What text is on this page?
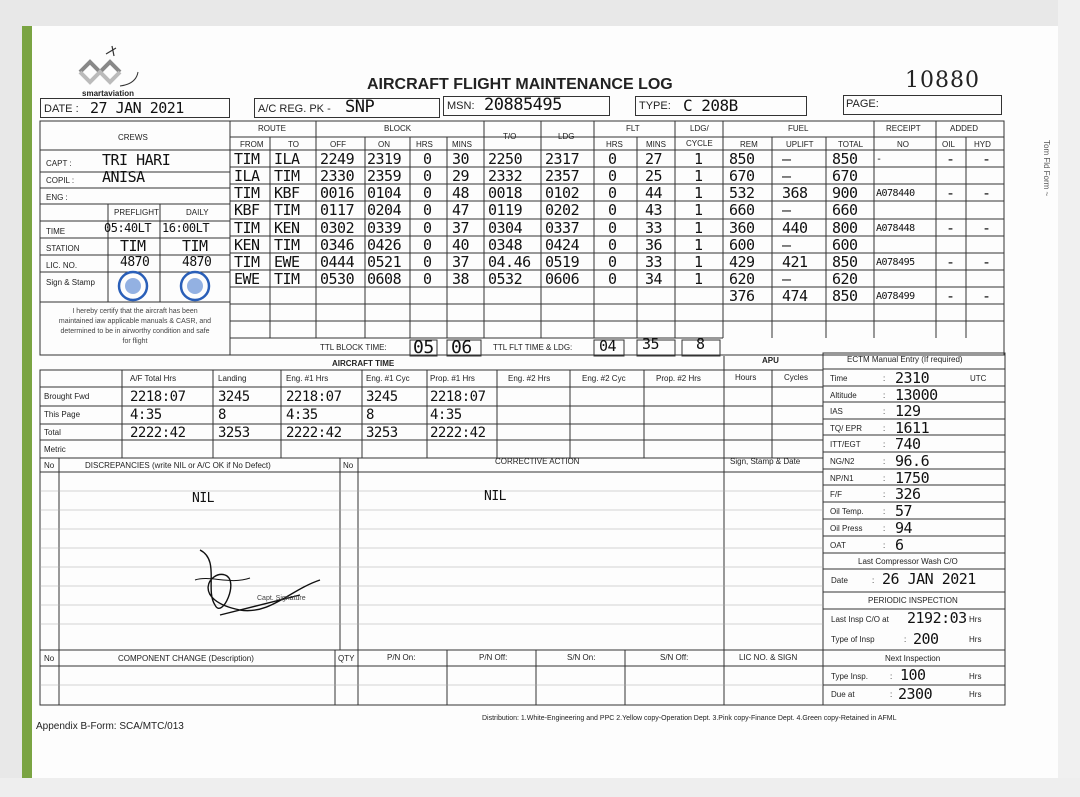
smartaviation
AIRCRAFT FLIGHT MAINTENANCE LOG	10880
Tom Fld Form ~
DATE : 27 JAN 2021	A/C REG. PK - SNP	MSN: 20885495	TYPE: C 208B	PAGE:
CREWS
ROUTE
FROM	TO
BLOCK
OFF	ON	HRS MINS
T/O	LDG
FLT
HRS	MINS
LDG/
CYCLE
FUEL
REM	UPLIFT	TOTAL
RECEIPT
NO
ADDED
OIL HYD
CAPT : TRI HARI
COPIL : ANISA
ENG :
PREFLIGHT	DAILY
TIME	05:40LT 16:00LT
STATION	TIM TIM
LIC. NO.	4870	4870
Sign & Stamp
I hereby certify that the aircraft has been
maintained iaw applicable manuals & CASR, and
determined to be in airworthy condition and safe
for flight
TIM ILA 2249 2319 0 30 2250 2317 0 27 1 850 —	850 -	- -
ILA TIM 2330 2359 0 29 2332 2357 0 25 1 670 —	670
TIM KBF 0016 0104 0 48 0018 0102 0 44 1 532 368 900 A078440 - -
KBF TIM 0117 0204 0 47 0119 0202 0 43 1 660 —	660
TIM KEN 0302 0339 0 37 0304 0337 0 33 1 360 440 800 A078448 - -
KEN TIM 0346 0426 0 40 0348 0424 0 36 1 600 —	600
TIM EWE 0444 0521 0 37 04.46 0519 0 33 1 429 421 850 A078495 - -
EWE TIM 0530 0608 0 38 0532 0606 0 34 1 620 —	620
376 474 850 A078499 - -
TTL BLOCK TIME: 05 06	TTL FLT TIME & LDG: 04 35 8
AIRCRAFT TIME	APU
Hours	Cycles
A/F Total Hrs	Landing	Eng. #1 Hrs	Eng. #1 Cyc	Prop. #1 Hrs	Eng. #2 Hrs	Eng. #2 Cyc	Prop. #2 Hrs
Brought Fwd	2218:07 3245	2218:07 3245 2218:07
This Page	4:35	8	4:35	8	4:35
Total	2222:42 3253	2222:42 3253 2222:42
Metric
ECTM Manual Entry (If required)
Time	: 2310	UTC
Altitude	: 13000
IAS	: 129
TQ/ EPR	: 1611
ITT/EGT	: 740
NG/N2	: 96.6
NP/N1	: 1750
F/F	: 326
Oil Temp. : 57
Oil Press	: 94
OAT	: 6
Last Compressor Wash C/O
Date	: 26 JAN 2021
PERIODIC INSPECTION
Last Insp C/O at 2192:03 Hrs
Type of Insp	: 200	Hrs
Next Inspection
Type Insp.	: 100	Hrs
Due at	: 2300	Hrs
No	DISCREPANCIES (write NIL or A/C OK if No Defect)	No	CORRECTIVE ACTION	Sign, Stamp & Date
NIL	NIL
Capt. Signature
No	COMPONENT CHANGE (Description)	QTY	P/N On:	P/N Off:	S/N On:	S/N Off:	LIC NO. & SIGN
Appendix B-Form: SCA/MTC/013
Distribution: 1.White-Engineering and PPC 2.Yellow copy-Operation Dept. 3.Pink copy-Finance Dept. 4.Green copy-Retained in AFML
